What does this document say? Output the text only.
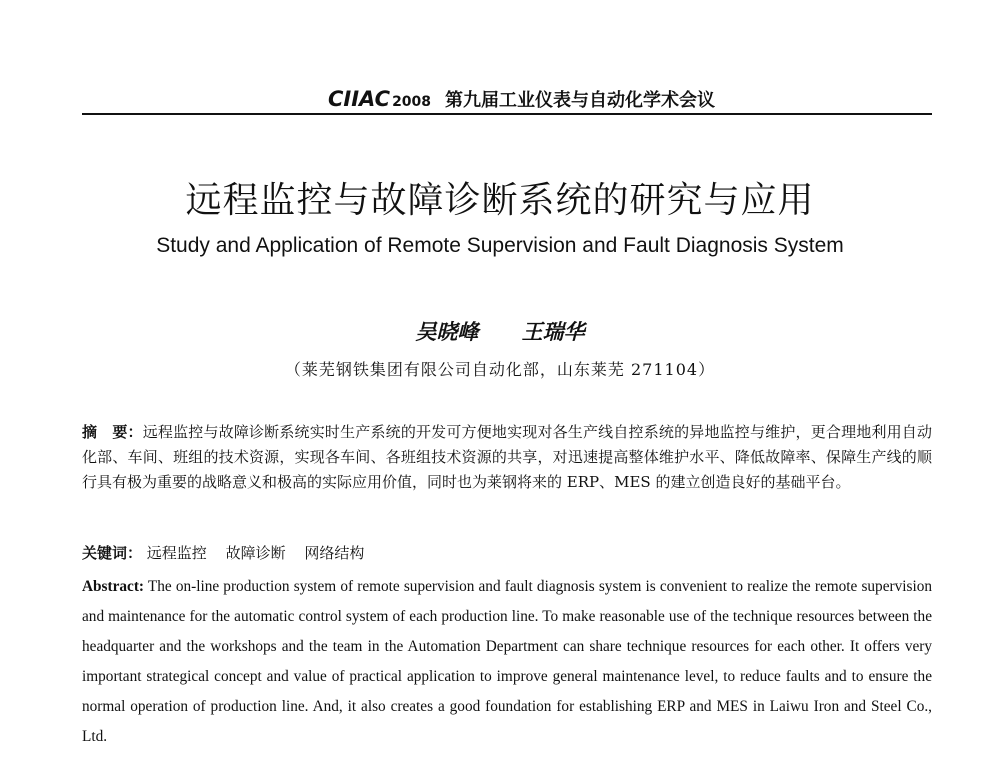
CIIAC 2008 第九届工业仪表与自动化学术会议
远程监控与故障诊断系统的研究与应用
Study and Application of Remote Supervision and Fault Diagnosis System
吴晓峰 王瑞华
（莱芜钢铁集团有限公司自动化部，山东莱芜 271104）
摘　要：远程监控与故障诊断系统实时生产系统的开发可方便地实现对各生产线自控系统的异地监控与维护，更合理地利用自动化部、车间、班组的技术资源，实现各车间、各班组技术资源的共享，对迅速提高整体维护水平、降低故障率、保障生产线的顺行具有极为重要的战略意义和极高的实际应用价值，同时也为莱钢将来的 ERP、MES 的建立创造良好的基础平台。
关键词： 远程监控 故障诊断 网络结构
Abstract: The on-line production system of remote supervision and fault diagnosis system is convenient to realize the remote supervision and maintenance for the automatic control system of each production line. To make reasonable use of the technique resources between the headquarter and the workshops and the team in the Automation Department can share technique resources for each other. It offers very important strategical concept and value of practical application to improve general maintenance level, to reduce faults and to ensure the normal operation of production line. And, it also creates a good foundation for establishing ERP and MES in Laiwu Iron and Steel Co., Ltd.
